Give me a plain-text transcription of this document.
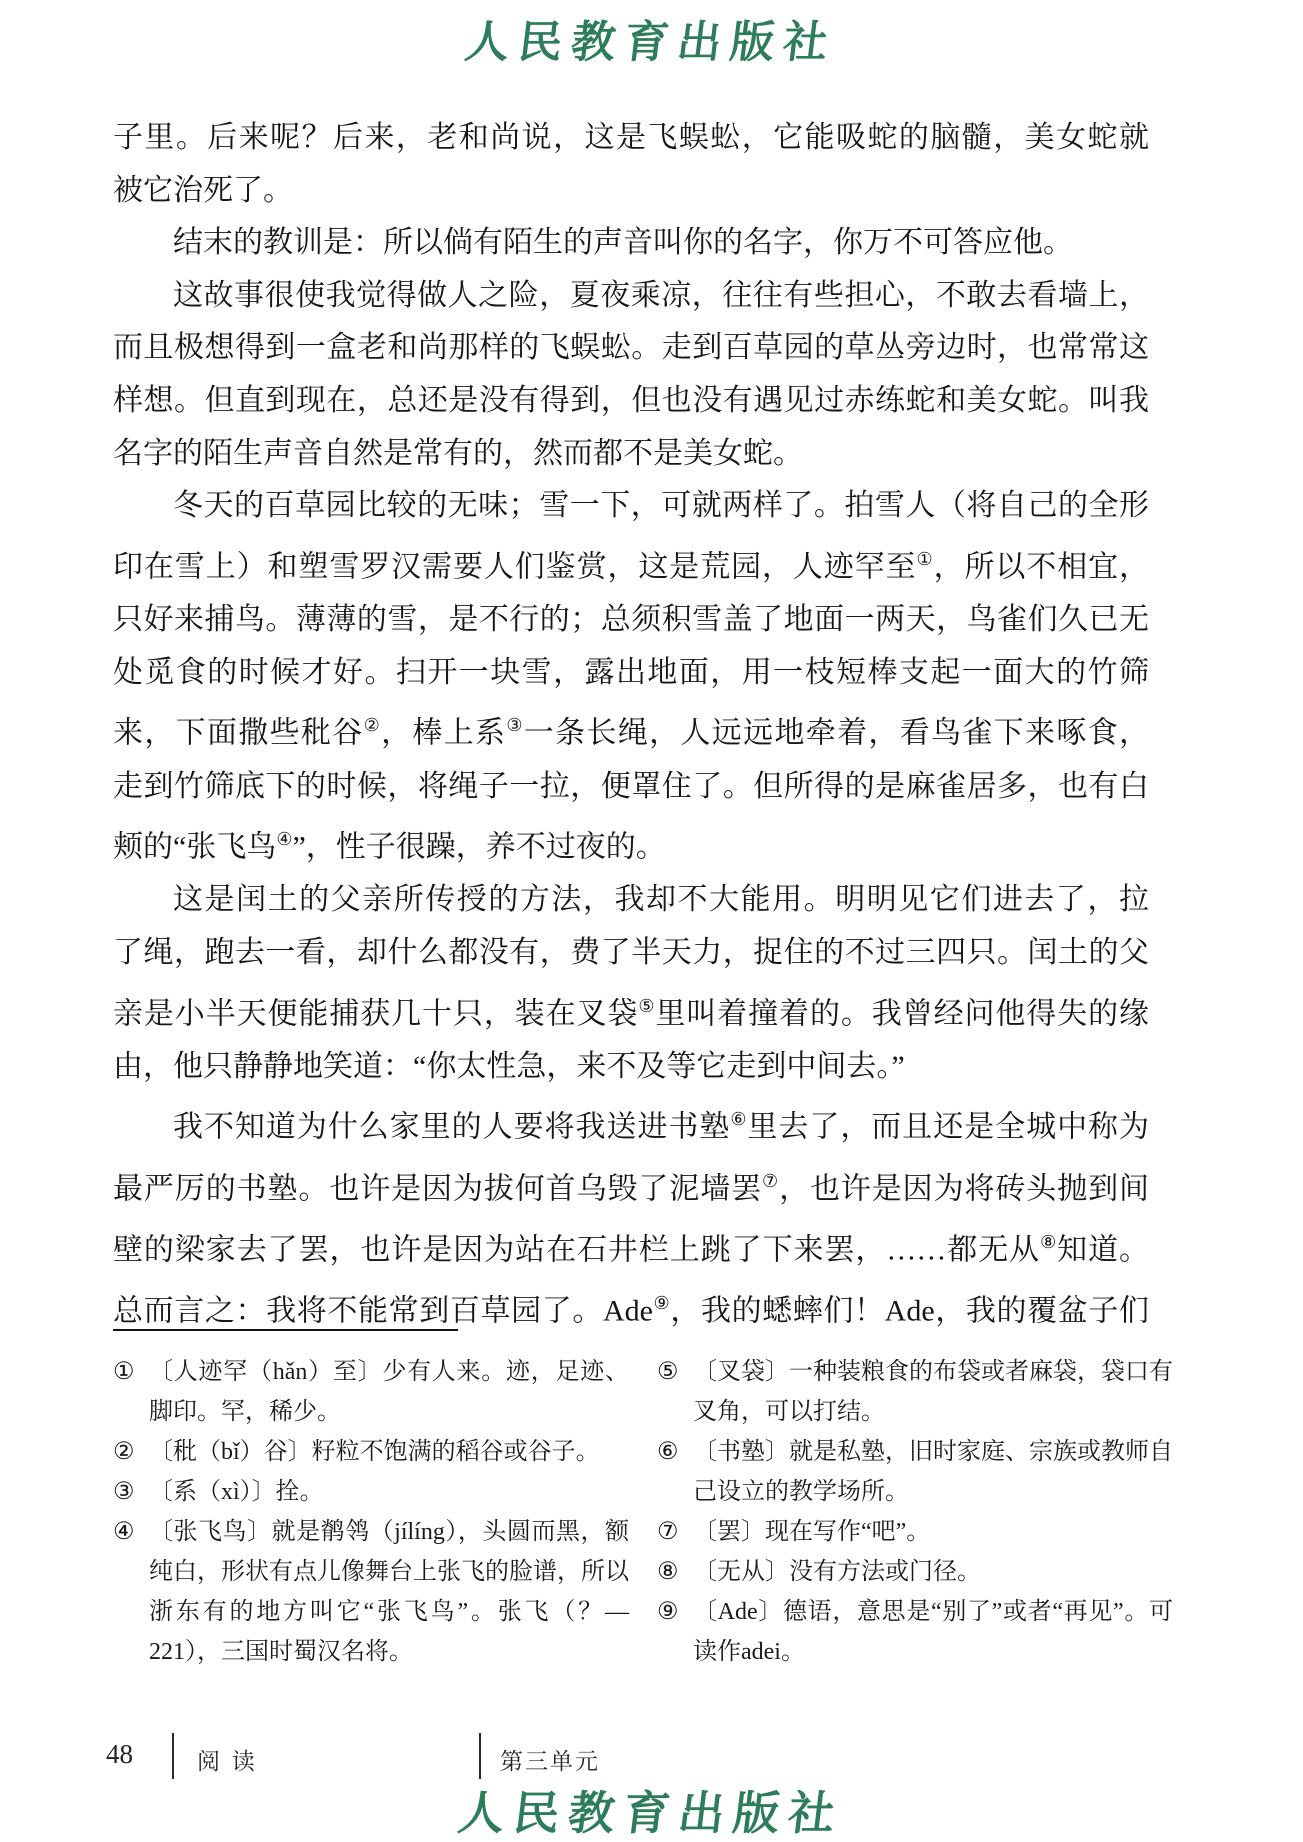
人民教育出版社
子里。后来呢？后来，老和尚说，这是飞蜈蚣，它能吸蛇的脑髓，美女蛇就
被它治死了。
结末的教训是：所以倘有陌生的声音叫你的名字，你万不可答应他。
这故事很使我觉得做人之险，夏夜乘凉，往往有些担心，不敢去看墙上，
而且极想得到一盒老和尚那样的飞蜈蚣。走到百草园的草丛旁边时，也常常这
样想。但直到现在，总还是没有得到，但也没有遇见过赤练蛇和美女蛇。叫我
名字的陌生声音自然是常有的，然而都不是美女蛇。
冬天的百草园比较的无味；雪一下，可就两样了。拍雪人（将自己的全形
印在雪上）和塑雪罗汉需要人们鉴赏，这是荒园，人迹罕至①，所以不相宜，
只好来捕鸟。薄薄的雪，是不行的；总须积雪盖了地面一两天，鸟雀们久已无
处觅食的时候才好。扫开一块雪，露出地面，用一枝短棒支起一面大的竹筛
来，下面撒些秕谷②，棒上系③一条长绳，人远远地牵着，看鸟雀下来啄食，
走到竹筛底下的时候，将绳子一拉，便罩住了。但所得的是麻雀居多，也有白
颊的“张飞鸟④”，性子很躁，养不过夜的。
这是闰土的父亲所传授的方法，我却不大能用。明明见它们进去了，拉
了绳，跑去一看，却什么都没有，费了半天力，捉住的不过三四只。闰土的父
亲是小半天便能捕获几十只，装在叉袋⑤里叫着撞着的。我曾经问他得失的缘
由，他只静静地笑道：“你太性急，来不及等它走到中间去。”
我不知道为什么家里的人要将我送进书塾⑥里去了，而且还是全城中称为
最严厉的书塾。也许是因为拔何首乌毁了泥墙罢⑦，也许是因为将砖头抛到间
壁的梁家去了罢，也许是因为站在石井栏上跳了下来罢，……都无从⑧知道。
总而言之：我将不能常到百草园了。Ade⑨，我的蟋蟀们！Ade，我的覆盆子们
① 〔人迹罕（hǎn）至〕少有人来。迹，足迹、脚印。罕，稀少。
② 〔秕（bǐ）谷〕籽粒不饱满的稻谷或谷子。
③ 〔系（xì）〕拴。
④ 〔张飞鸟〕就是鹡鸰（jílíng），头圆而黑，额纯白，形状有点儿像舞台上张飞的脸谱，所以浙东有的地方叫它“张飞鸟”。张飞（？—221），三国时蜀汉名将。
⑤ 〔叉袋〕一种装粮食的布袋或者麻袋，袋口有叉角，可以打结。
⑥ 〔书塾〕就是私塾，旧时家庭、宗族或教师自己设立的教学场所。
⑦ 〔罢〕现在写作“吧”。
⑧ 〔无从〕没有方法或门径。
⑨ 〔Ade〕德语，意思是“别了”或者“再见”。可读作adei。
48	阅 读	第三单元
人民教育出版社
